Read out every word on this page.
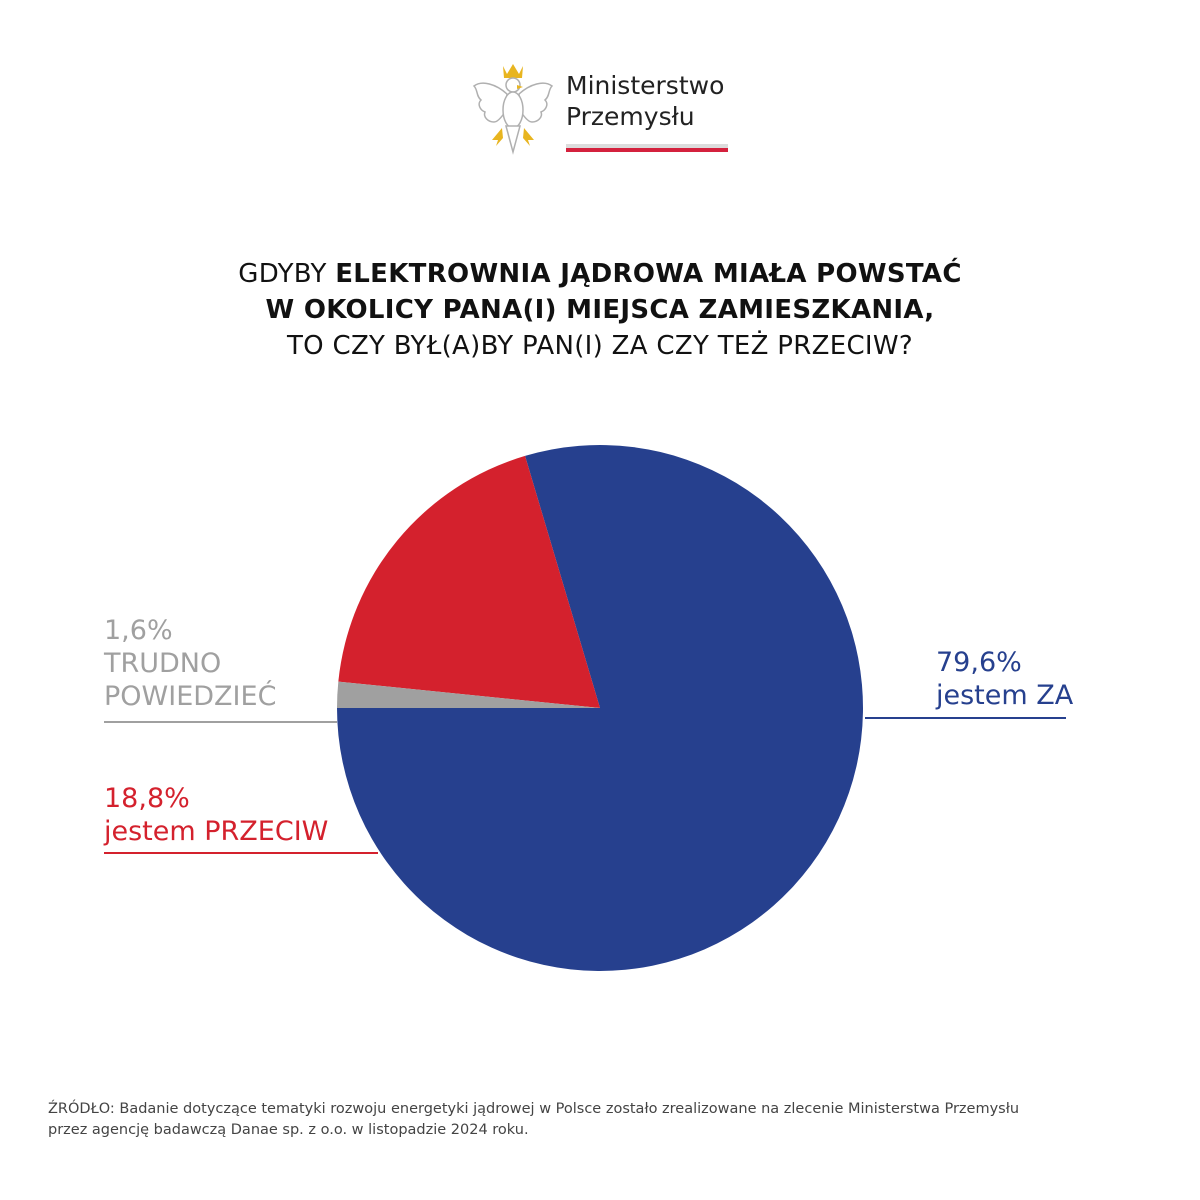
Ministerstwo
Przemysłu
GDYBY ELEKTROWNIA JĄDROWA MIAŁA POWSTAĆ
W OKOLICY PANA(I) MIEJSCA ZAMIESZKANIA,
TO CZY BYŁ(A)BY PAN(I) ZA CZY TEŻ PRZECIW?
79,6%
jestem ZA
18,8%
jestem PRZECIW
1,6%
TRUDNO
POWIEDZIEĆ
ŹRÓDŁO: Badanie dotyczące tematyki rozwoju energetyki jądrowej w Polsce zostało zrealizowane na zlecenie Ministerstwa Przemysłu
przez agencję badawczą Danae sp. z o.o. w listopadzie 2024 roku.
